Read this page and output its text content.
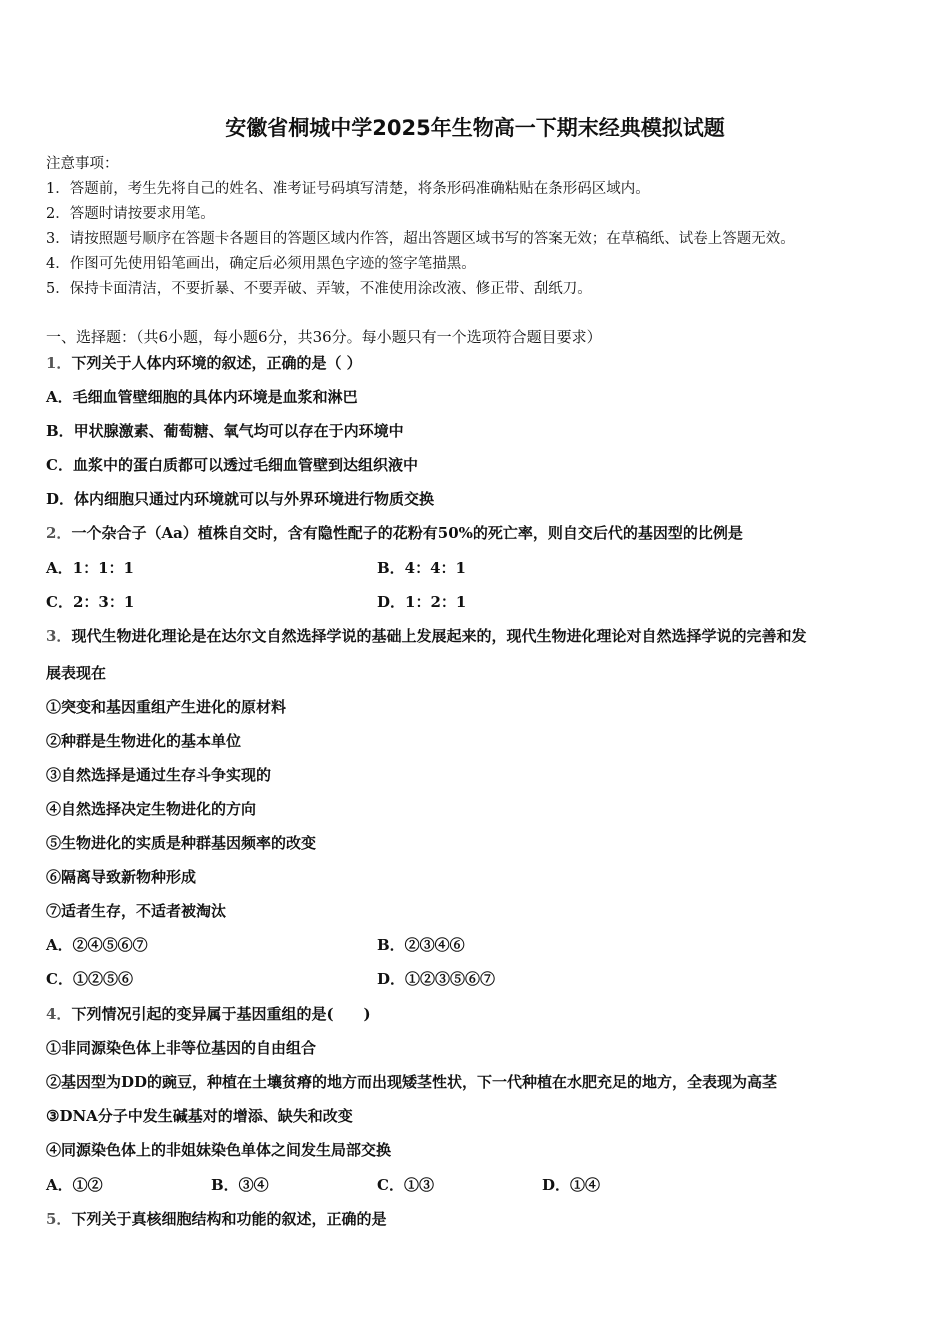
安徽省桐城中学2025年生物高一下期末经典模拟试题
注意事项：
1．答题前，考生先将自己的姓名、准考证号码填写清楚，将条形码准确粘贴在条形码区域内。
2．答题时请按要求用笔。
3．请按照题号顺序在答题卡各题目的答题区域内作答，超出答题区域书写的答案无效；在草稿纸、试卷上答题无效。
4．作图可先使用铅笔画出，确定后必须用黑色字迹的签字笔描黑。
5．保持卡面清洁，不要折暴、不要弄破、弄皱，不准使用涂改液、修正带、刮纸刀。
一、选择题：（共6小题，每小题6分，共36分。每小题只有一个选项符合题目要求）
1．下列关于人体内环境的叙述，正确的是（ ）
A．毛细血管壁细胞的具体内环境是血浆和淋巴
B．甲状腺激素、葡萄糖、氧气均可以存在于内环境中
C．血浆中的蛋白质都可以透过毛细血管壁到达组织液中
D．体内细胞只通过内环境就可以与外界环境进行物质交换
2．一个杂合子（Aa）植株自交时，含有隐性配子的花粉有50%的死亡率，则自交后代的基因型的比例是
A．1：1：1	B．4：4：1
C．2：3：1	D．1：2：1
3．现代生物进化理论是在达尔文自然选择学说的基础上发展起来的，现代生物进化理论对自然选择学说的完善和发
展表现在
①突变和基因重组产生进化的原材料
②种群是生物进化的基本单位
③自然选择是通过生存斗争实现的
④自然选择决定生物进化的方向
⑤生物进化的实质是种群基因频率的改变
⑥隔离导致新物种形成
⑦适者生存，不适者被淘汰
A．②④⑤⑥⑦	B．②③④⑥
C．①②⑤⑥	D．①②③⑤⑥⑦
4．下列情况引起的变异属于基因重组的是(　　)
①非同源染色体上非等位基因的自由组合
②基因型为DD的豌豆，种植在土壤贫瘠的地方而出现矮茎性状，下一代种植在水肥充足的地方，全表现为高茎
③DNA分子中发生碱基对的增添、缺失和改变
④同源染色体上的非姐妹染色单体之间发生局部交换
A．①②	B．③④	C．①③	D．①④
5．下列关于真核细胞结构和功能的叙述，正确的是
